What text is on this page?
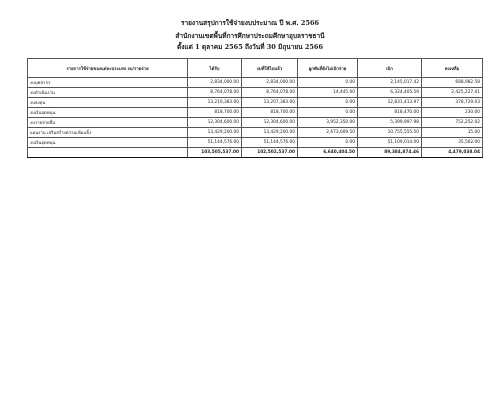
รายงานสรุปการใช้จ่ายงบประมาณ ปี พ.ศ. 2566
สำนักงานเขตพื้นที่การศึกษาประถมศึกษาอุบลราชธานี
ตั้งแต่ 1 ตุลาคม 2565 ถึงวันที่ 30 มิถุนายน 2566
รายการใช้จ่ายของแต่ละประเภท งบ/รายจ่าย	ได้รับ	งบที่ใช้ไปแล้ว	ผูกพันที่ยังไม่เบิกจ่าย	เบิก	คงเหลือ
งบบุคลากร	2,834,000.00	2,834,000.00	0.00	2,145,017.42	688,982.58
งบดำเนินงาน	8,764,078.00	8,764,078.00	14,445.00	6,324,405.59	2,425,227.41
งบลงทุน	13,210,383.00	13,207,383.00	0.00	12,831,413.97	378,729.03
งบเงินอุดหนุน	818,700.00	818,700.00	0.00	818,470.00	230.00
งบรายจ่ายอื่น	12,304,600.00	12,304,600.00	3,952,350.00	5,399,997.98	752,252.02
แผนงาน เสริมสร้างความเข้มแข็ง	13,429,200.00	13,429,200.00	2,673,609.50	10,755,555.50	35.00
งบเงินอุดหนุน	51,144,576.00	51,144,576.00	0.00	51,109,014.00	35,562.00
	103,505,537.00	102,502,537.00	6,640,404.50	89,384,874.46	4,479,038.04
